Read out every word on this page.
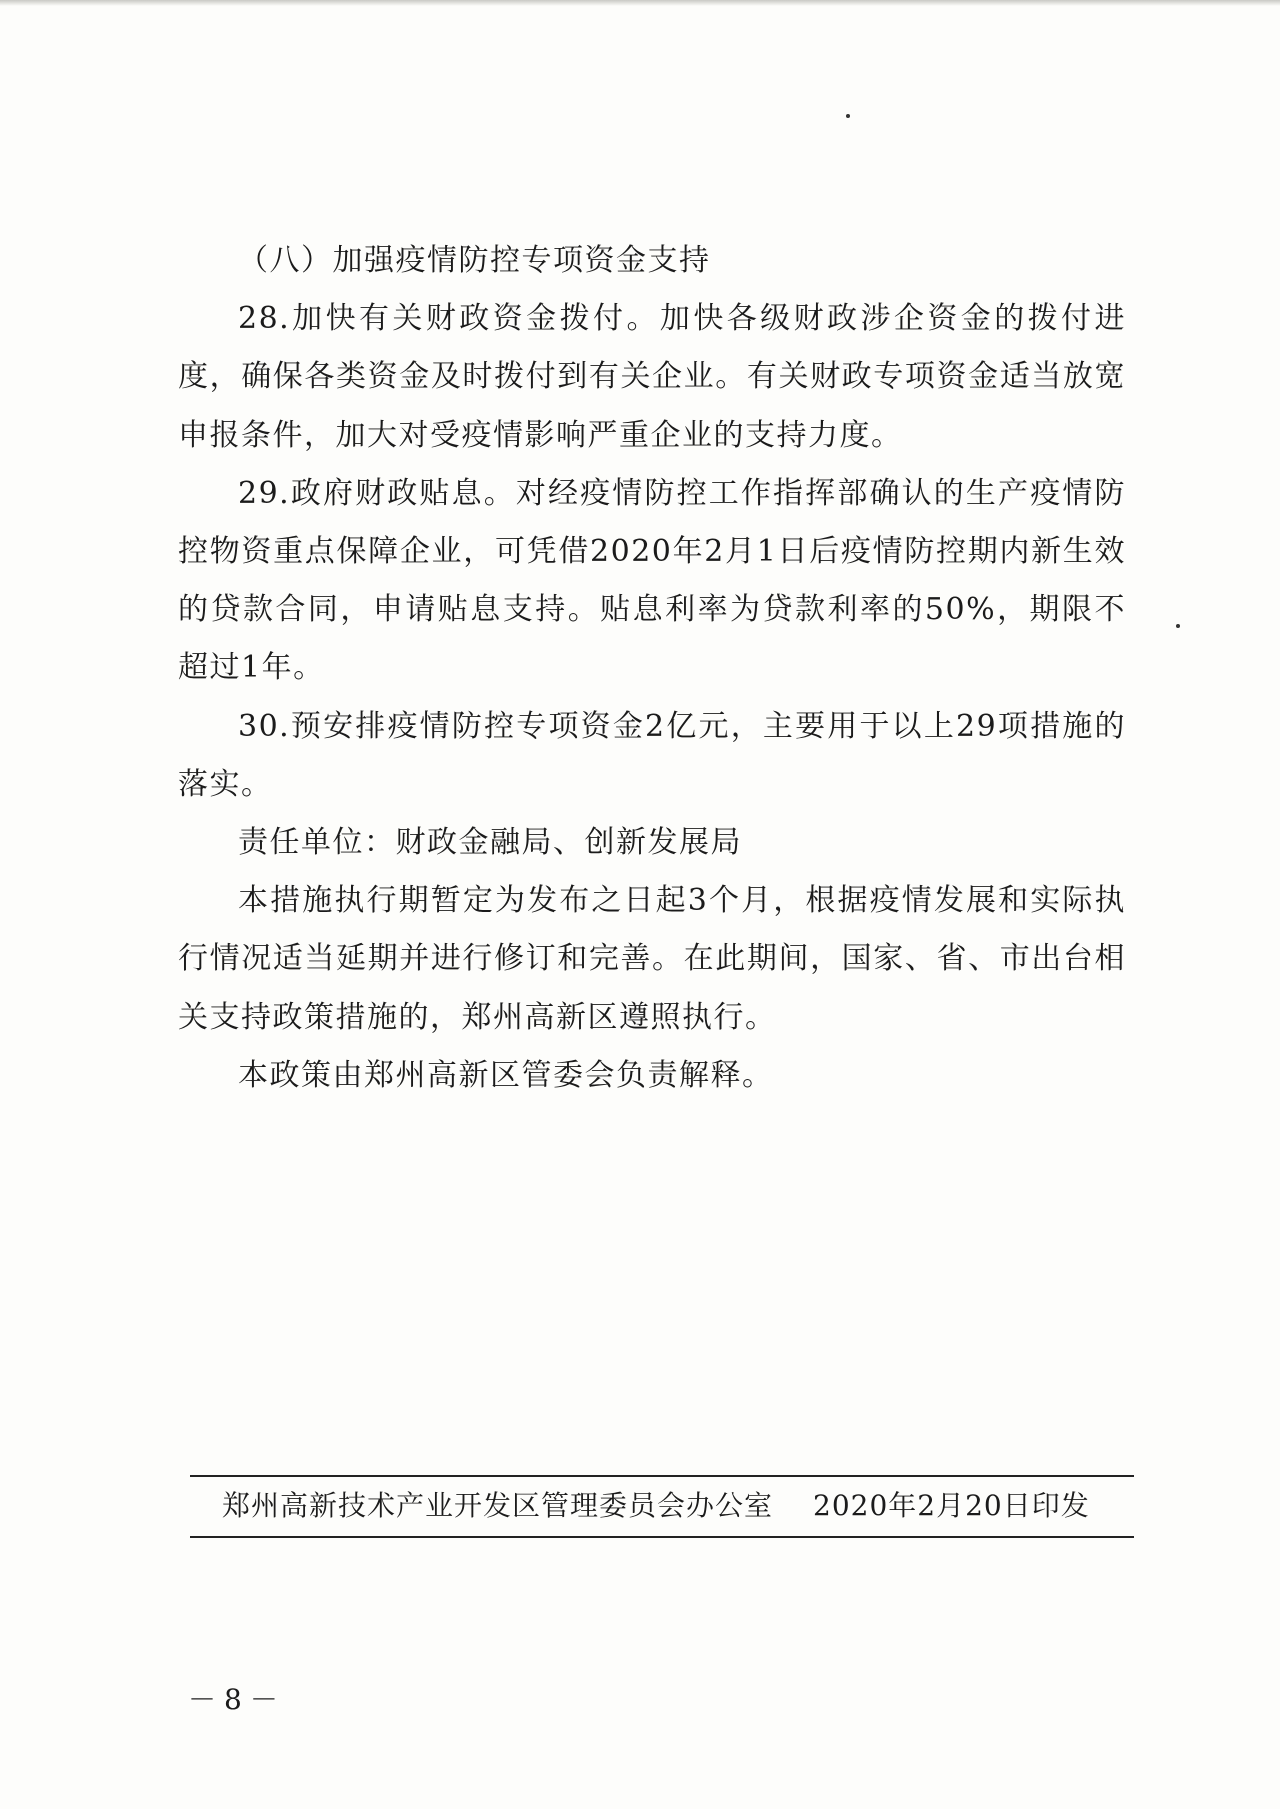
（八）加强疫情防控专项资金支持

28.加快有关财政资金拨付。加快各级财政涉企资金的拨付进度，确保各类资金及时拨付到有关企业。有关财政专项资金适当放宽申报条件，加大对受疫情影响严重企业的支持力度。

29.政府财政贴息。对经疫情防控工作指挥部确认的生产疫情防控物资重点保障企业，可凭借2020年2月1日后疫情防控期内新生效的贷款合同，申请贴息支持。贴息利率为贷款利率的50%，期限不超过1年。

30.预安排疫情防控专项资金2亿元，主要用于以上29项措施的落实。

责任单位：财政金融局、创新发展局

本措施执行期暂定为发布之日起3个月，根据疫情发展和实际执行情况适当延期并进行修订和完善。在此期间，国家、省、市出台相关支持政策措施的，郑州高新区遵照执行。

本政策由郑州高新区管委会负责解释。

郑州高新技术产业开发区管理委员会办公室 2020年2月20日印发
－8－
